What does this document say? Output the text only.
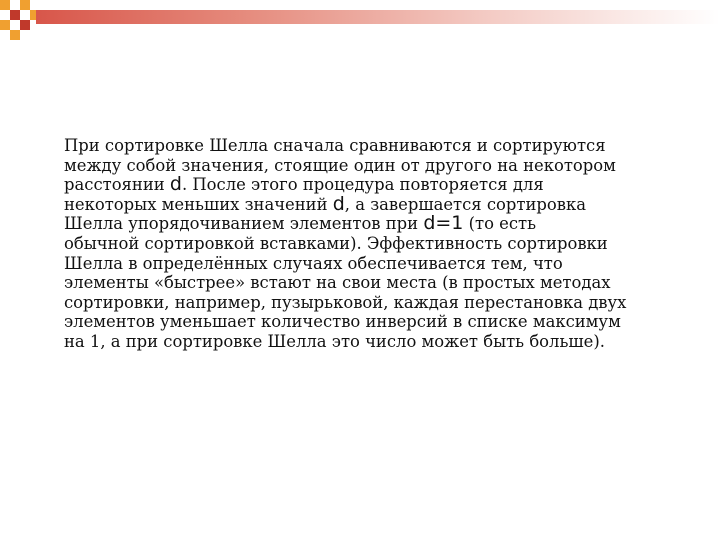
При сортировке Шелла сначала сравниваются и сортируются
между собой значения, стоящие один от другого на некотором
расстоянии d. После этого процедура повторяется для
некоторых меньших значений d, а завершается сортировка
Шелла упорядочиванием элементов при d=1 (то есть
обычной сортировкой вставками). Эффективность сортировки
Шелла в определённых случаях обеспечивается тем, что
элементы «быстрее» встают на свои места (в простых методах
сортировки, например, пузырьковой, каждая перестановка двух
элементов уменьшает количество инверсий в списке максимум
на 1, а при сортировке Шелла это число может быть больше).
